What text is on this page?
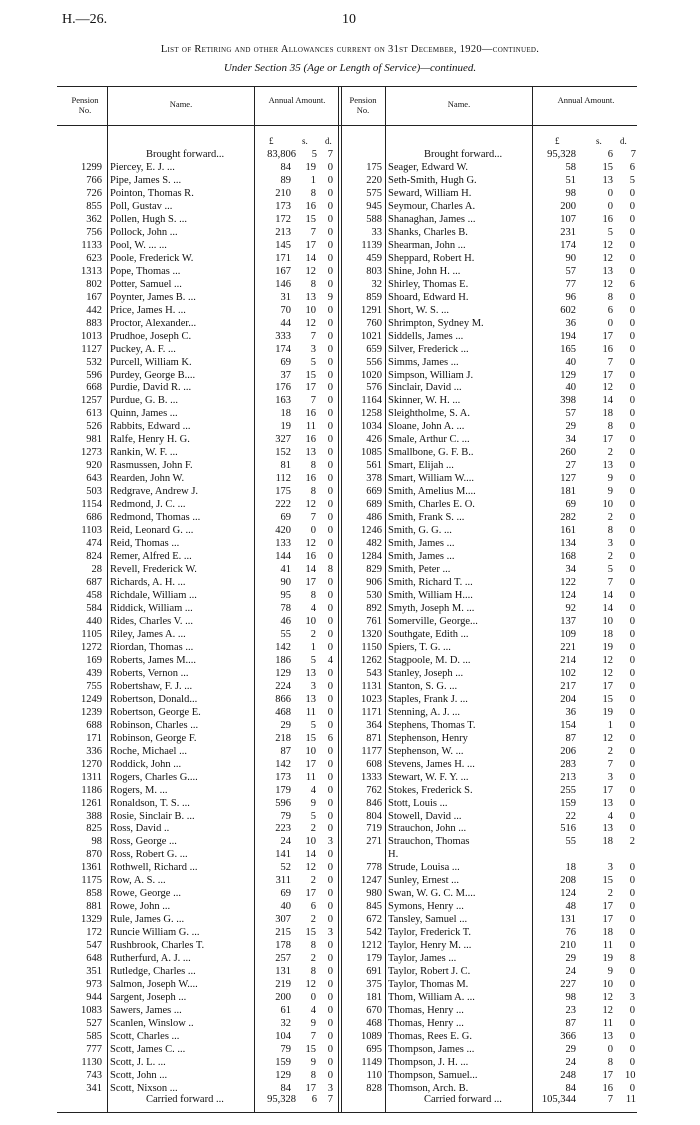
H.—26.	10
List of Retiring and other Allowances current on 31st December, 1920—continued.
Under Section 35 (Age or Length of Service)—continued.
Pension No.
Name.	Annual Amount.	Pension No.
Name.	Annual Amount.
£	s. d.	£	s. d.
Brought forward...	83,806	5	7	Brought forward...	95,328	6	7
1299 Piercey, E. J. ...	84	19	0
766 Pipe, James S. ...	89	1	0
726 Pointon, Thomas R.	210	8	0
855 Poll, Gustav ...	173	16	0
362 Pollen, Hugh S. ...	172	15	0
756 Pollock, John ...	213	7	0
1133 Pool, W. ... ...	145	17	0
623 Poole, Frederick W.	171	14	0
1313 Pope, Thomas ...	167	12	0
802 Potter, Samuel ...	146	8	0
167 Poynter, James B. ...	31	13	9
442 Price, James H. ...	70	10	0
883 Proctor, Alexander...	44	12	0
1013 Prudhoe, Joseph C.	333	7	0
1127 Puckey, A. F. ...	174	3	0
532 Purcell, William K.	69	5	0
596 Purdey, George B....	37	15	0
668 Purdie, David R. ...	176	17	0
1257 Purdue, G. B. ...	163	7	0
613 Quinn, James ...	18	16	0
526 Rabbits, Edward ...	19	11	0
981 Ralfe, Henry H. G.	327	16	0
1273 Rankin, W. F. ...	152	13	0
920 Rasmussen, John F.	81	8	0
643 Rearden, John W.	112	16	0
503 Redgrave, Andrew J.	175	8	0
1154 Redmond, J. C. ...	222	12	0
686 Redmond, Thomas ...	69	7	0
1103 Reid, Leonard G. ...	420	0	0
474 Reid, Thomas ...	133	12	0
824 Remer, Alfred E. ...	144	16	0
28 Revell, Frederick W.	41	14	8
687 Richards, A. H. ...	90	17	0
458 Richdale, William ...	95	8	0
584 Riddick, William ...	78	4	0
440 Rides, Charles V. ...	46	10	0
1105 Riley, James A. ...	55	2	0
1272 Riordan, Thomas ...	142	1	0
169 Roberts, James M....	186	5	4
439 Roberts, Vernon ...	129	13	0
755 Robertshaw, F. J. ...	224	3	0
1249 Robertson, Donald...	866	13	0
1239 Robertson, George E.	468	11	0
688 Robinson, Charles ...	29	5	0
171 Robinson, George F.	218	15	6
336 Roche, Michael ...	87	10	0
1270 Roddick, John ...	142	17	0
1311 Rogers, Charles G....	173	11	0
1186 Rogers, M. ...	179	4	0
1261 Ronaldson, T. S. ...	596	9	0
388 Rosie, Sinclair B. ...	79	5	0
825 Ross, David ..	223	2	0
98 Ross, George ...	24	10	3
870 Ross, Robert G. ...	141	14	0
1361 Rothwell, Richard ...	52	12	0
1175 Row, A. S. ...	311	2	0
858 Rowe, George ...	69	17	0
881 Rowe, John ...	40	6	0
1329 Rule, James G. ...	307	2	0
172 Runcie William G. ...	215	15	3
547 Rushbrook, Charles T.	178	8	0
648 Rutherfurd, A. J. ...	257	2	0
351 Rutledge, Charles ...	131	8	0
973 Salmon, Joseph W....	219	12	0
944 Sargent, Joseph ...	200	0	0
1083 Sawers, James ...	61	4	0
527 Scanlen, Winslow ..	32	9	0
585 Scott, Charles ...	104	7	0
777 Scott, James C. ...	79	15	0
1130 Scott, J. L. ...	159	9	0
743 Scott, John ...	129	8	0
341 Scott, Nixson ...	84	17	3
175 Seager, Edward W.	58	15	6
220 Seth-Smith, Hugh G.	51	13	5
575 Seward, William H.	98	0	0
945 Seymour, Charles A.	200	0	0
588 Shanaghan, James ...	107	16	0
33 Shanks, Charles B.	231	5	0
1139 Shearman, John ...	174	12	0
459 Sheppard, Robert H.	90	12	0
803 Shine, John H. ...	57	13	0
32 Shirley, Thomas E.	77	12	6
859 Shoard, Edward H.	96	8	0
1291 Short, W. S. ...	602	6	0
760 Shrimpton, Sydney M.	36	0	0
1021 Siddells, James ...	194	17	0
659 Silver, Frederick ...	165	16	0
556 Simms, James ...	40	7	0
1020 Simpson, William J.	129	17	0
576 Sinclair, David ...	40	12	0
1164 Skinner, W. H. ...	398	14	0
1258 Sleightholme, S. A.	57	18	0
1034 Sloane, John A. ...	29	8	0
426 Smale, Arthur C. ...	34	17	0
1085 Smallbone, G. F. B..	260	2	0
561 Smart, Elijah ...	27	13	0
378 Smart, William W....	127	9	0
669 Smith, Amelius M....	181	9	0
689 Smith, Charles E. O.	69	10	0
486 Smith, Frank S. ...	282	2	0
1246 Smith, G. G. ...	161	8	0
482 Smith, James ...	134	3	0
1284 Smith, James ...	168	2	0
829 Smith, Peter ...	34	5	0
906 Smith, Richard T. ...	122	7	0
530 Smith, William H....	124	14	0
892 Smyth, Joseph M. ...	92	14	0
761 Somerville, George...	137	10	0
1320 Southgate, Edith ...	109	18	0
1150 Spiers, T. G. ...	221	19	0
1262 Stagpoole, M. D. ...	214	12	0
543 Stanley, Joseph ...	102	12	0
1131 Stanton, S. G. ...	217	17	0
1023 Staples, Frank J. ...	204	15	0
1171 Stenning, A. J. ...	36	19	0
364 Stephens, Thomas T.	154	1	0
871 Stephenson, Henry	87	12	0
1177 Stephenson, W. ...	206	2	0
608 Stevens, James H. ...	283	7	0
1333 Stewart, W. F. Y. ...	213	3	0
762 Stokes, Frederick S.	255	17	0
846 Stott, Louis ...	159	13	0
804 Stowell, David ...	22	4	0
719 Strauchon, John ...	516	13	0
271 Strauchon, Thomas	55	18	2
H.
778 Strude, Louisa ...	18	3	0
1247 Sunley, Ernest ...	208	15	0
980 Swan, W. G. C. M....	124	2	0
845 Symons, Henry ...	48	17	0
672 Tansley, Samuel ...	131	17	0
542 Taylor, Frederick T.	76	18	0
1212 Taylor, Henry M. ...	210	11	0
179 Taylor, James ...	29	19	8
691 Taylor, Robert J. C.	24	9	0
375 Taylor, Thomas M.	227	10	0
181 Thom, William A. ...	98	12	3
670 Thomas, Henry ...	23	12	0
468 Thomas, Henry ...	87	11	0
1089 Thomas, Rees E. G.	366	13	0
695 Thompson, James ...	29	0	0
1149 Thompson, J. H. ...	24	8	0
110 Thompson, Samuel...	248	17 10
828 Thomson, Arch. B.	84	16	0
Carried forward ...	95,328	6	7	Carried forward ...	105,344	7 11
